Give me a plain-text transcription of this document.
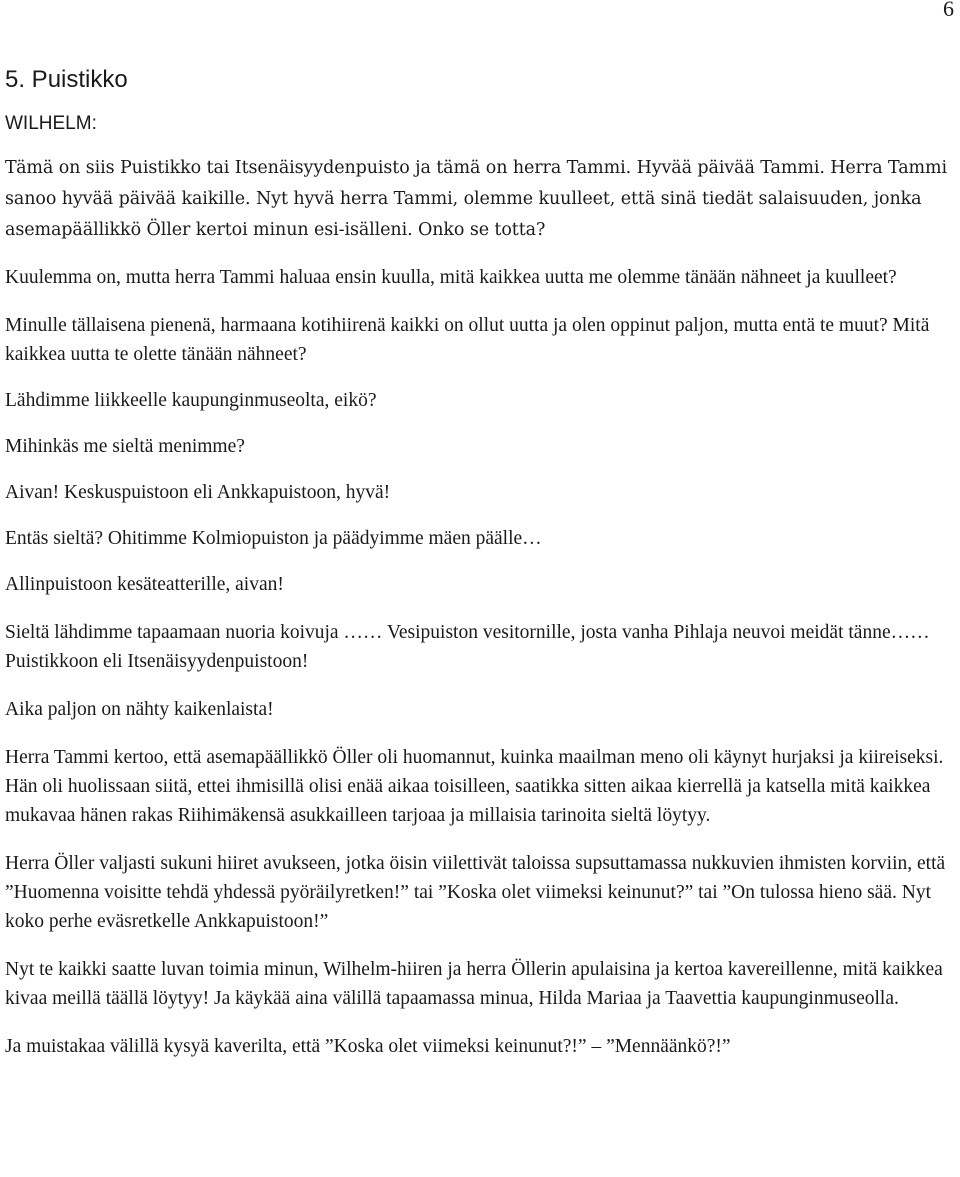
6

5. Puistikko

WILHELM:

Tämä on siis Puistikko tai Itsenäisyydenpuisto ja tämä on herra Tammi. Hyvää päivää Tammi. Herra Tammi sanoo hyvää päivää kaikille. Nyt hyvä herra Tammi, olemme kuulleet, että sinä tiedät salaisuuden, jonka asemapäällikkö Öller kertoi minun esi-isälleni. Onko se totta?

Kuulemma on, mutta herra Tammi haluaa ensin kuulla, mitä kaikkea uutta me olemme tänään nähneet ja kuulleet?

Minulle tällaisena pienenä, harmaana kotihiirenä kaikki on ollut uutta ja olen oppinut paljon, mutta entä te muut? Mitä kaikkea uutta te olette tänään nähneet?

Lähdimme liikkeelle kaupunginmuseolta, eikö?

Mihinkäs me sieltä menimme?

Aivan! Keskuspuistoon eli Ankkapuistoon, hyvä!

Entäs sieltä? Ohitimme Kolmiopuiston ja päädyimme mäen päälle…

Allinpuistoon kesäteatterille, aivan!

Sieltä lähdimme tapaamaan nuoria koivuja …… Vesipuiston vesitornille, josta vanha Pihlaja neuvoi meidät tänne…… Puistikkoon eli Itsenäisyydenpuistoon!

Aika paljon on nähty kaikenlaista!

Herra Tammi kertoo, että asemapäällikkö Öller oli huomannut, kuinka maailman meno oli käynyt hurjaksi ja kiireiseksi. Hän oli huolissaan siitä, ettei ihmisillä olisi enää aikaa toisilleen, saatikka sitten aikaa kierrellä ja katsella mitä kaikkea mukavaa hänen rakas Riihimäkensä asukkailleen tarjoaa ja millaisia tarinoita sieltä löytyy.

Herra Öller valjasti sukuni hiiret avukseen, jotka öisin viilettivät taloissa supsuttamassa nukkuvien ihmisten korviin, että ”Huomenna voisitte tehdä yhdessä pyöräilyretken!” tai ”Koska olet viimeksi keinunut?” tai ”On tulossa hieno sää. Nyt koko perhe eväsretkelle Ankkapuistoon!”

Nyt te kaikki saatte luvan toimia minun, Wilhelm-hiiren ja herra Öllerin apulaisina ja kertoa kavereillenne, mitä kaikkea kivaa meillä täällä löytyy! Ja käykää aina välillä tapaamassa minua, Hilda Mariaa ja Taavettia kaupunginmuseolla.

Ja muistakaa välillä kysyä kaverilta, että ”Koska olet viimeksi keinunut?!” – ”Mennäänkö?!”
